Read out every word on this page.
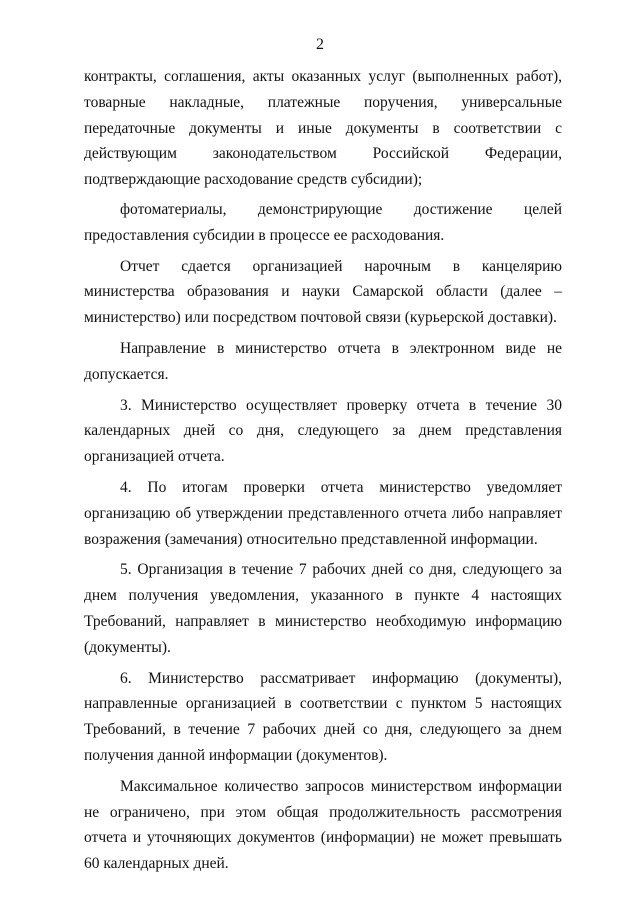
2

контракты, соглашения, акты оказанных услуг (выполненных работ), товарные накладные, платежные поручения, универсальные передаточные документы и иные документы в соответствии с действующим законодательством Российской Федерации, подтверждающие расходование средств субсидии);

фотоматериалы, демонстрирующие достижение целей предоставления субсидии в процессе ее расходования.

Отчет сдается организацией нарочным в канцелярию министерства образования и науки Самарской области (далее – министерство) или посредством почтовой связи (курьерской доставки).

Направление в министерство отчета в электронном виде не допускается.

3. Министерство осуществляет проверку отчета в течение 30 календарных дней со дня, следующего за днем представления организацией отчета.

4. По итогам проверки отчета министерство уведомляет организацию об утверждении представленного отчета либо направляет возражения (замечания) относительно представленной информации.

5. Организация в течение 7 рабочих дней со дня, следующего за днем получения уведомления, указанного в пункте 4 настоящих Требований, направляет в министерство необходимую информацию (документы).

6. Министерство рассматривает информацию (документы), направленные организацией в соответствии с пунктом 5 настоящих Требований, в течение 7 рабочих дней со дня, следующего за днем получения данной информации (документов).

Максимальное количество запросов министерством информации не ограничено, при этом общая продолжительность рассмотрения отчета и уточняющих документов (информации) не может превышать 60 календарных дней.
